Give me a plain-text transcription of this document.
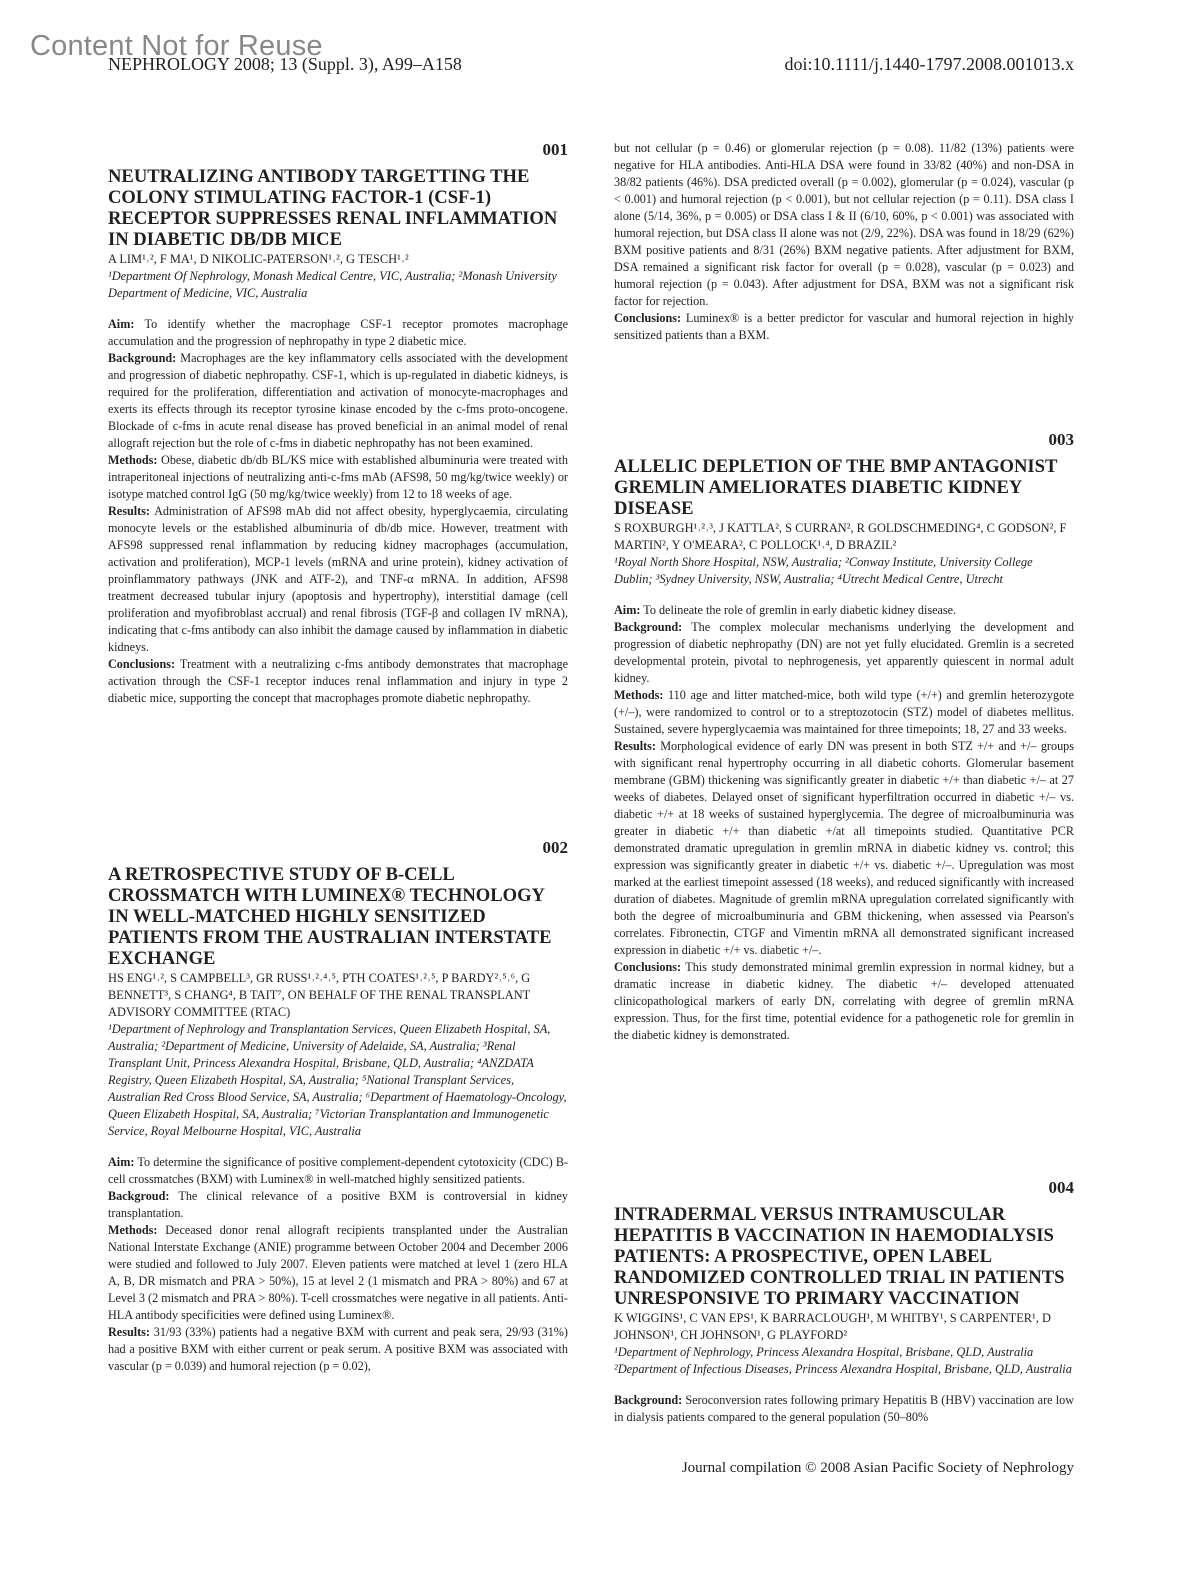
Content Not for Reuse
NEPHROLOGY 2008; 13 (Suppl. 3), A99–A158	doi:10.1111/j.1440-1797.2008.001013.x
001
NEUTRALIZING ANTIBODY TARGETTING THE COLONY STIMULATING FACTOR-1 (CSF-1) RECEPTOR SUPPRESSES RENAL INFLAMMATION IN DIABETIC DB/DB MICE
A LIM¹˒², F MA¹, D NIKOLIC-PATERSON¹˒², G TESCH¹˒²
¹Department Of Nephrology, Monash Medical Centre, VIC, Australia; ²Monash University Department of Medicine, VIC, Australia

Aim: To identify whether the macrophage CSF-1 receptor promotes macrophage accumulation and the progression of nephropathy in type 2 diabetic mice.

Background: Macrophages are the key inflammatory cells associated with the development and progression of diabetic nephropathy. CSF-1, which is up-regulated in diabetic kidneys, is required for the proliferation, differentiation and activation of monocyte-macrophages and exerts its effects through its receptor tyrosine kinase encoded by the c-fms proto-oncogene. Blockade of c-fms in acute renal disease has proved beneficial in an animal model of renal allograft rejection but the role of c-fms in diabetic nephropathy has not been examined.

Methods: Obese, diabetic db/db BL/KS mice with established albuminuria were treated with intraperitoneal injections of neutralizing anti-c-fms mAb (AFS98, 50 mg/kg/twice weekly) or isotype matched control IgG (50 mg/kg/twice weekly) from 12 to 18 weeks of age.

Results: Administration of AFS98 mAb did not affect obesity, hyperglycaemia, circulating monocyte levels or the established albuminuria of db/db mice. However, treatment with AFS98 suppressed renal inflammation by reducing kidney macrophages (accumulation, activation and proliferation), MCP-1 levels (mRNA and urine protein), kidney activation of proinflammatory pathways (JNK and ATF-2), and TNF-α mRNA. In addition, AFS98 treatment decreased tubular injury (apoptosis and hypertrophy), interstitial damage (cell proliferation and myofibroblast accrual) and renal fibrosis (TGF-β and collagen IV mRNA), indicating that c-fms antibody can also inhibit the damage caused by inflammation in diabetic kidneys.

Conclusions: Treatment with a neutralizing c-fms antibody demonstrates that macrophage activation through the CSF-1 receptor induces renal inflammation and injury in type 2 diabetic mice, supporting the concept that macrophages promote diabetic nephropathy.

002
A RETROSPECTIVE STUDY OF B-CELL CROSSMATCH WITH LUMINEX® TECHNOLOGY IN WELL-MATCHED HIGHLY SENSITIZED PATIENTS FROM THE AUSTRALIAN INTERSTATE EXCHANGE
HS ENG¹˒², S CAMPBELL³, GR RUSS¹˒²˒⁴˒⁵, PTH COATES¹˒²˒⁵, P BARDY²˒⁵˒⁶, G BENNETT³, S CHANG⁴, B TAIT⁷, ON BEHALF OF THE RENAL TRANSPLANT ADVISORY COMMITTEE (RTAC)
¹Department of Nephrology and Transplantation Services, Queen Elizabeth Hospital, SA, Australia; ²Department of Medicine, University of Adelaide, SA, Australia; ³Renal Transplant Unit, Princess Alexandra Hospital, Brisbane, QLD, Australia; ⁴ANZDATA Registry, Queen Elizabeth Hospital, SA, Australia; ⁵National Transplant Services, Australian Red Cross Blood Service, SA, Australia; ⁶Department of Haematology-Oncology, Queen Elizabeth Hospital, SA, Australia; ⁷Victorian Transplantation and Immunogenetic Service, Royal Melbourne Hospital, VIC, Australia

Aim: To determine the significance of positive complement-dependent cytotoxicity (CDC) B-cell crossmatches (BXM) with Luminex® in well-matched highly sensitized patients.

Backgroud: The clinical relevance of a positive BXM is controversial in kidney transplantation.

Methods: Deceased donor renal allograft recipients transplanted under the Australian National Interstate Exchange (ANIE) programme between October 2004 and December 2006 were studied and followed to July 2007. Eleven patients were matched at level 1 (zero HLA A, B, DR mismatch and PRA > 50%), 15 at level 2 (1 mismatch and PRA > 80%) and 67 at Level 3 (2 mismatch and PRA > 80%). T-cell crossmatches were negative in all patients. Anti-HLA antibody specificities were defined using Luminex®.

Results: 31/93 (33%) patients had a negative BXM with current and peak sera, 29/93 (31%) had a positive BXM with either current or peak serum. A positive BXM was associated with vascular (p = 0.039) and humoral rejection (p = 0.02),

but not cellular (p = 0.46) or glomerular rejection (p = 0.08). 11/82 (13%) patients were negative for HLA antibodies. Anti-HLA DSA were found in 33/82 (40%) and non-DSA in 38/82 patients (46%). DSA predicted overall (p = 0.002), glomerular (p = 0.024), vascular (p < 0.001) and humoral rejection (p < 0.001), but not cellular rejection (p = 0.11). DSA class I alone (5/14, 36%, p = 0.005) or DSA class I & II (6/10, 60%, p < 0.001) was associated with humoral rejection, but DSA class II alone was not (2/9, 22%). DSA was found in 18/29 (62%) BXM positive patients and 8/31 (26%) BXM negative patients. After adjustment for BXM, DSA remained a significant risk factor for overall (p = 0.028), vascular (p = 0.023) and humoral rejection (p = 0.043). After adjustment for DSA, BXM was not a significant risk factor for rejection.

Conclusions: Luminex® is a better predictor for vascular and humoral rejection in highly sensitized patients than a BXM.

003
ALLELIC DEPLETION OF THE BMP ANTAGONIST GREMLIN AMELIORATES DIABETIC KIDNEY DISEASE
S ROXBURGH¹˒²˒³, J KATTLA², S CURRAN², R GOLDSCHMEDING⁴, C GODSON², F MARTIN², Y O'MEARA², C POLLOCK¹˒⁴, D BRAZIL²
¹Royal North Shore Hospital, NSW, Australia; ²Conway Institute, University College Dublin; ³Sydney University, NSW, Australia; ⁴Utrecht Medical Centre, Utrecht

Aim: To delineate the role of gremlin in early diabetic kidney disease.

Background: The complex molecular mechanisms underlying the development and progression of diabetic nephropathy (DN) are not yet fully elucidated. Gremlin is a secreted developmental protein, pivotal to nephrogenesis, yet apparently quiescent in normal adult kidney.

Methods: 110 age and litter matched-mice, both wild type (+/+) and gremlin heterozygote (+/–), were randomized to control or to a streptozotocin (STZ) model of diabetes mellitus. Sustained, severe hyperglycaemia was maintained for three timepoints; 18, 27 and 33 weeks.

Results: Morphological evidence of early DN was present in both STZ +/+ and +/– groups with significant renal hypertrophy occurring in all diabetic cohorts. Glomerular basement membrane (GBM) thickening was significantly greater in diabetic +/+ than diabetic +/– at 27 weeks of diabetes. Delayed onset of significant hyperfiltration occurred in diabetic +/– vs. diabetic +/+ at 18 weeks of sustained hyperglycemia. The degree of microalbuminuria was greater in diabetic +/+ than diabetic +/at all timepoints studied. Quantitative PCR demonstrated dramatic upregulation in gremlin mRNA in diabetic kidney vs. control; this expression was significantly greater in diabetic +/+ vs. diabetic +/–. Upregulation was most marked at the earliest timepoint assessed (18 weeks), and reduced significantly with increased duration of diabetes. Magnitude of gremlin mRNA upregulation correlated significantly with both the degree of microalbuminuria and GBM thickening, when assessed via Pearson's correlates. Fibronectin, CTGF and Vimentin mRNA all demonstrated significant increased expression in diabetic +/+ vs. diabetic +/–.

Conclusions: This study demonstrated minimal gremlin expression in normal kidney, but a dramatic increase in diabetic kidney. The diabetic +/– developed attenuated clinicopathological markers of early DN, correlating with degree of gremlin mRNA expression. Thus, for the first time, potential evidence for a pathogenetic role for gremlin in the diabetic kidney is demonstrated.

004
INTRADERMAL VERSUS INTRAMUSCULAR HEPATITIS B VACCINATION IN HAEMODIALYSIS PATIENTS: A PROSPECTIVE, OPEN LABEL RANDOMIZED CONTROLLED TRIAL IN PATIENTS UNRESPONSIVE TO PRIMARY VACCINATION
K WIGGINS¹, C VAN EPS¹, K BARRACLOUGH¹, M WHITBY¹, S CARPENTER¹, D JOHNSON¹, CH JOHNSON¹, G PLAYFORD²
¹Department of Nephrology, Princess Alexandra Hospital, Brisbane, QLD, Australia ²Department of Infectious Diseases, Princess Alexandra Hospital, Brisbane, QLD, Australia

Background: Seroconversion rates following primary Hepatitis B (HBV) vaccination are low in dialysis patients compared to the general population (50–80%

Journal compilation © 2008 Asian Pacific Society of Nephrology
